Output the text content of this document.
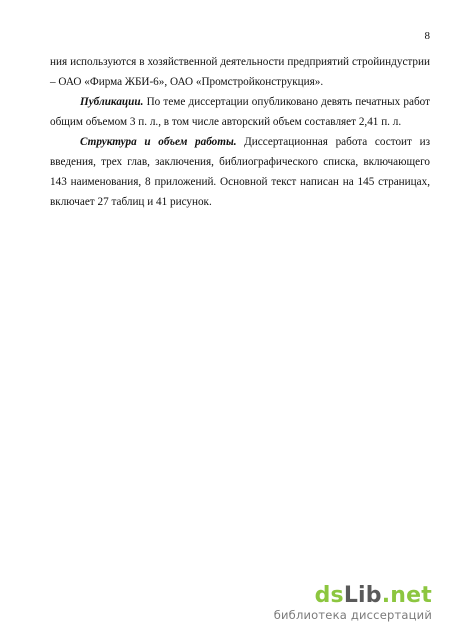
8

ния используются в хозяйственной деятельности предприятий стройиндустрии – ОАО «Фирма ЖБИ-6», ОАО «Промстройконструкция».

Публикации. По теме диссертации опубликовано девять печатных работ общим объемом 3 п. л., в том числе авторский объем составляет 2,41 п. л.

Структура и объем работы. Диссертационная работа состоит из введения, трех глав, заключения, библиографического списка, включающего 143 наименования, 8 приложений. Основной текст написан на 145 страницах, включает 27 таблиц и 41 рисунок.

dsLib.net
библиотека диссертаций
